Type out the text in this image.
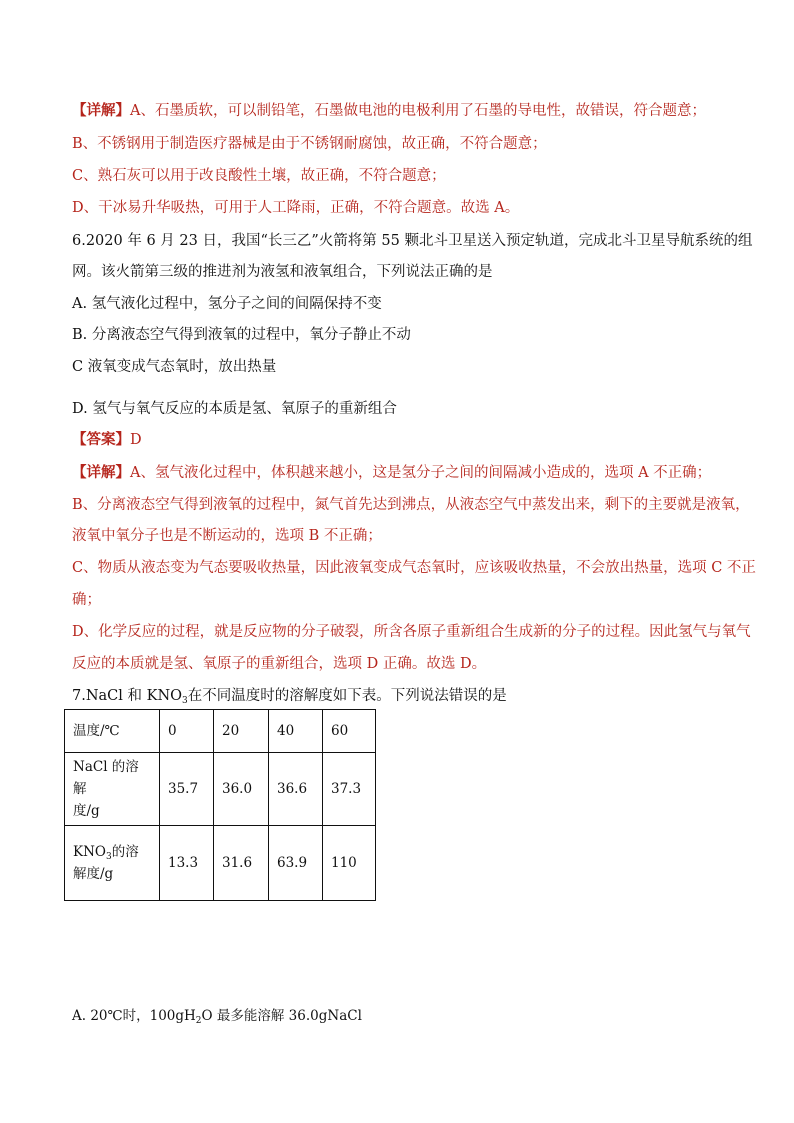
【详解】A、石墨质软，可以制铅笔，石墨做电池的电极利用了石墨的导电性，故错误，符合题意；
B、不锈钢用于制造医疗器械是由于不锈钢耐腐蚀，故正确，不符合题意；
C、熟石灰可以用于改良酸性土壤，故正确，不符合题意；
D、干冰易升华吸热，可用于人工降雨，正确，不符合题意。故选 A。
6.2020 年 6 月 23 日，我国“长三乙”火箭将第 55 颗北斗卫星送入预定轨道，完成北斗卫星导航系统的组
网。该火箭第三级的推进剂为液氢和液氧组合，下列说法正确的是
A. 氢气液化过程中，氢分子之间的间隔保持不变
B. 分离液态空气得到液氧的过程中，氧分子静止不动
C 液氧变成气态氧时，放出热量
D. 氢气与氧气反应的本质是氢、氧原子的重新组合
【答案】D
【详解】A、氢气液化过程中，体积越来越小，这是氢分子之间的间隔减小造成的，选项 A 不正确；
B、分离液态空气得到液氧的过程中，氮气首先达到沸点，从液态空气中蒸发出来，剩下的主要就是液氧，
液氧中氧分子也是不断运动的，选项 B 不正确；
C、物质从液态变为气态要吸收热量，因此液氧变成气态氧时，应该吸收热量，不会放出热量，选项 C 不正
确；
D、化学反应的过程，就是反应物的分子破裂，所含各原子重新组合生成新的分子的过程。因此氢气与氧气
反应的本质就是氢、氧原子的重新组合，选项 D 正确。故选 D。
7.NaCl 和 $KNO_3$在不同温度时的溶解度如下表。下列说法错误的是
温度/℃	0	20	40	60

NaCl 的溶解
度/g	35.7	36.0	36.6	37.3

$KNO_3$的溶
解度/g	13.3	31.6	63.9	110
A. 20℃时，$100gH_2O$ 最多能溶解 36.0gNaCl
